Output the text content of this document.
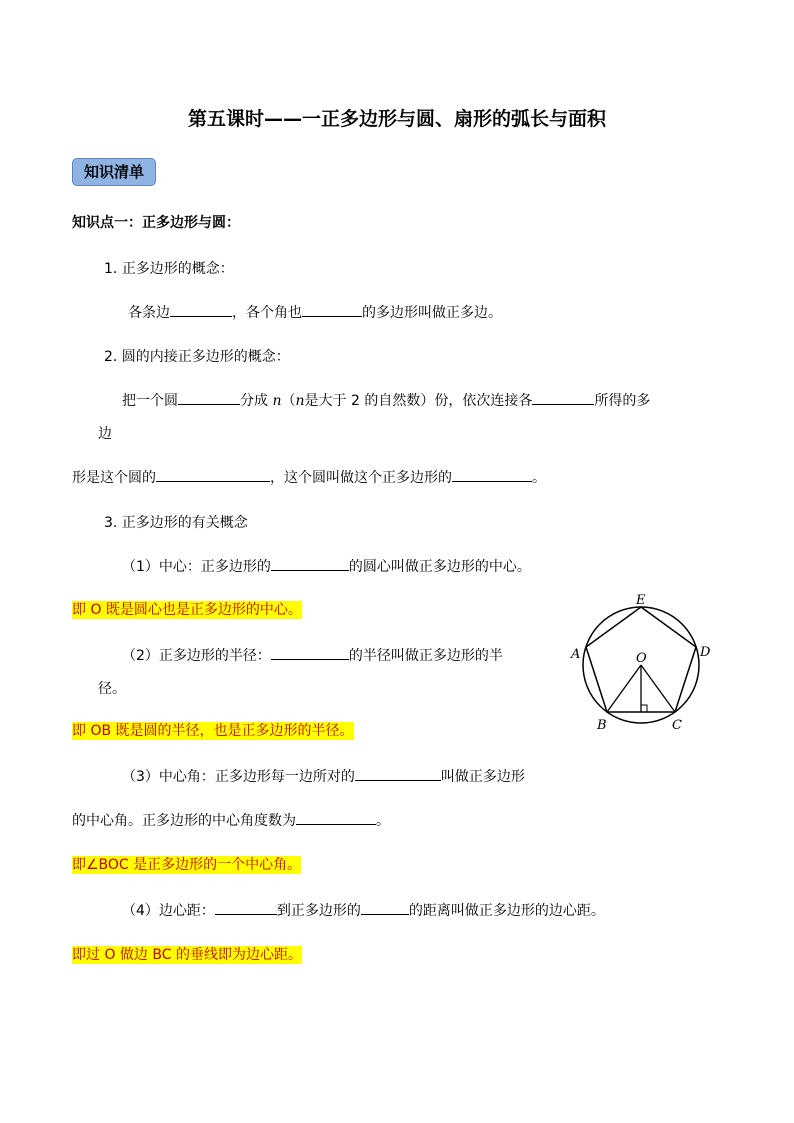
第五课时——一正多边形与圆、扇形的弧长与面积
知识清单
知识点一：正多边形与圆：
1. 正多边形的概念：
各条边	，各个角也	的多边形叫做正多边。
2. 圆的内接正多边形的概念：
把一个圆	分成 n（n是大于 2 的自然数）份，依次连接各	所得的多
边
形是这个圆的	，这个圆叫做这个正多边形的	。
3. 正多边形的有关概念
（1）中心：正多边形的	的圆心叫做正多边形的中心。
即 O 既是圆心也是正多边形的中心。
（2）正多边形的半径：	的半径叫做正多边形的半
径。
即 OB 既是圆的半径，也是正多边形的半径。
（3）中心角：正多边形每一边所对的	叫做正多边形
的中心角。正多边形的中心角度数为	。
即∠BOC 是正多边形的一个中心角。
（4）边心距：	到正多边形的	的距离叫做正多边形的边心距。
即过 O 做边 BC 的垂线即为边心距。
E
D
A	O
B	C
